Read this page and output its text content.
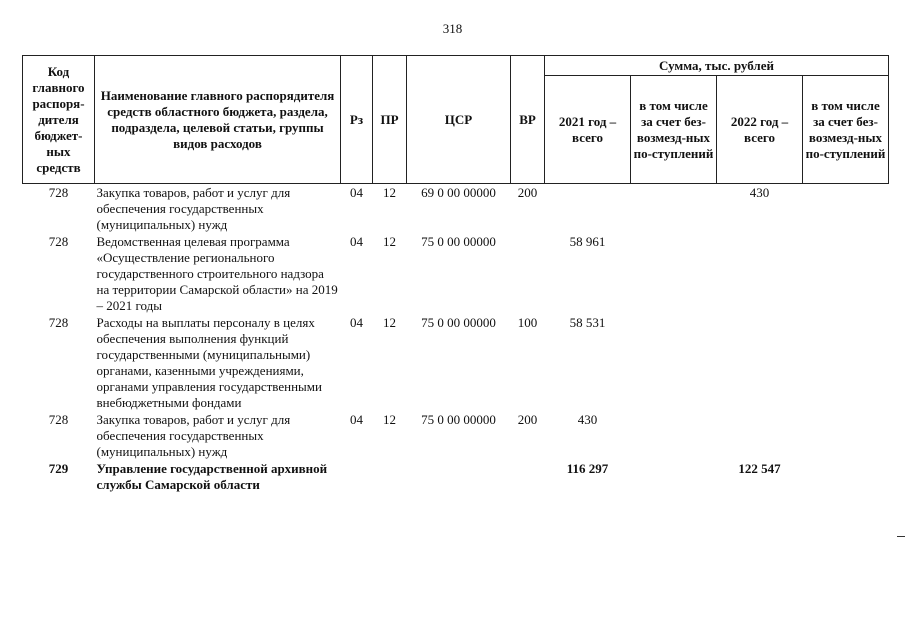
318
Код главного распоря-дителя бюджет-ных средств	Наименование главного распорядителя средств областного бюджета, раздела, подраздела, целевой статьи, группы видов расходов	Рз	ПР	ЦСР	ВР	Сумма, тыс. рублей			
						2021 год – всего	в том числе за счет без-возмезд-ных по-ступлений	2022 год – всего	в том числе за счет без-возмезд-ных по-ступлений
728	Закупка товаров, работ и услуг для обеспечения государственных (муниципальных) нужд	04	12	69 0 00 00000	200			430	
728	Ведомственная целевая программа «Осуществление регионального государственного строительного надзора на территории Самарской области» на 2019 – 2021 годы	04	12	75 0 00 00000		58 961			
728	Расходы на выплаты персоналу в целях обеспечения выполнения функций государственными (муниципальными) органами, казенными учреждениями, органами управления государственными внебюджетными фондами	04	12	75 0 00 00000	100	58 531			
728	Закупка товаров, работ и услуг для обеспечения государственных (муниципальных) нужд	04	12	75 0 00 00000	200	430			
729	Управление государственной архивной службы Самарской области					116 297		122 547	
